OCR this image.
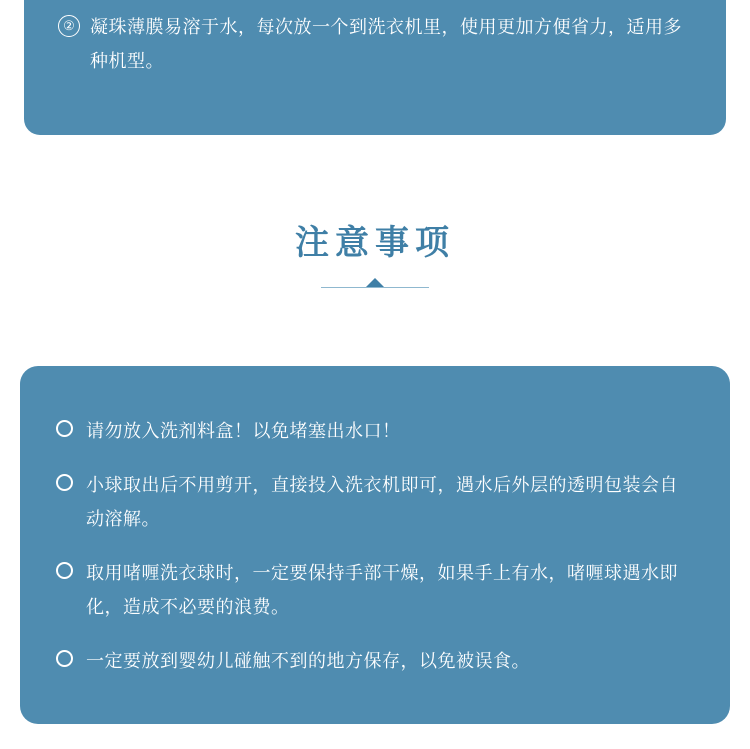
② 凝珠薄膜易溶于水，每次放一个到洗衣机里，使用更加方便省力，适用多种机型。
注意事项
请勿放入洗剂料盒！以免堵塞出水口！
小球取出后不用剪开，直接投入洗衣机即可，遇水后外层的透明包装会自动溶解。
取用啫喱洗衣球时，一定要保持手部干燥，如果手上有水，啫喱球遇水即化，造成不必要的浪费。
一定要放到婴幼儿碰触不到的地方保存，以免被误食。
